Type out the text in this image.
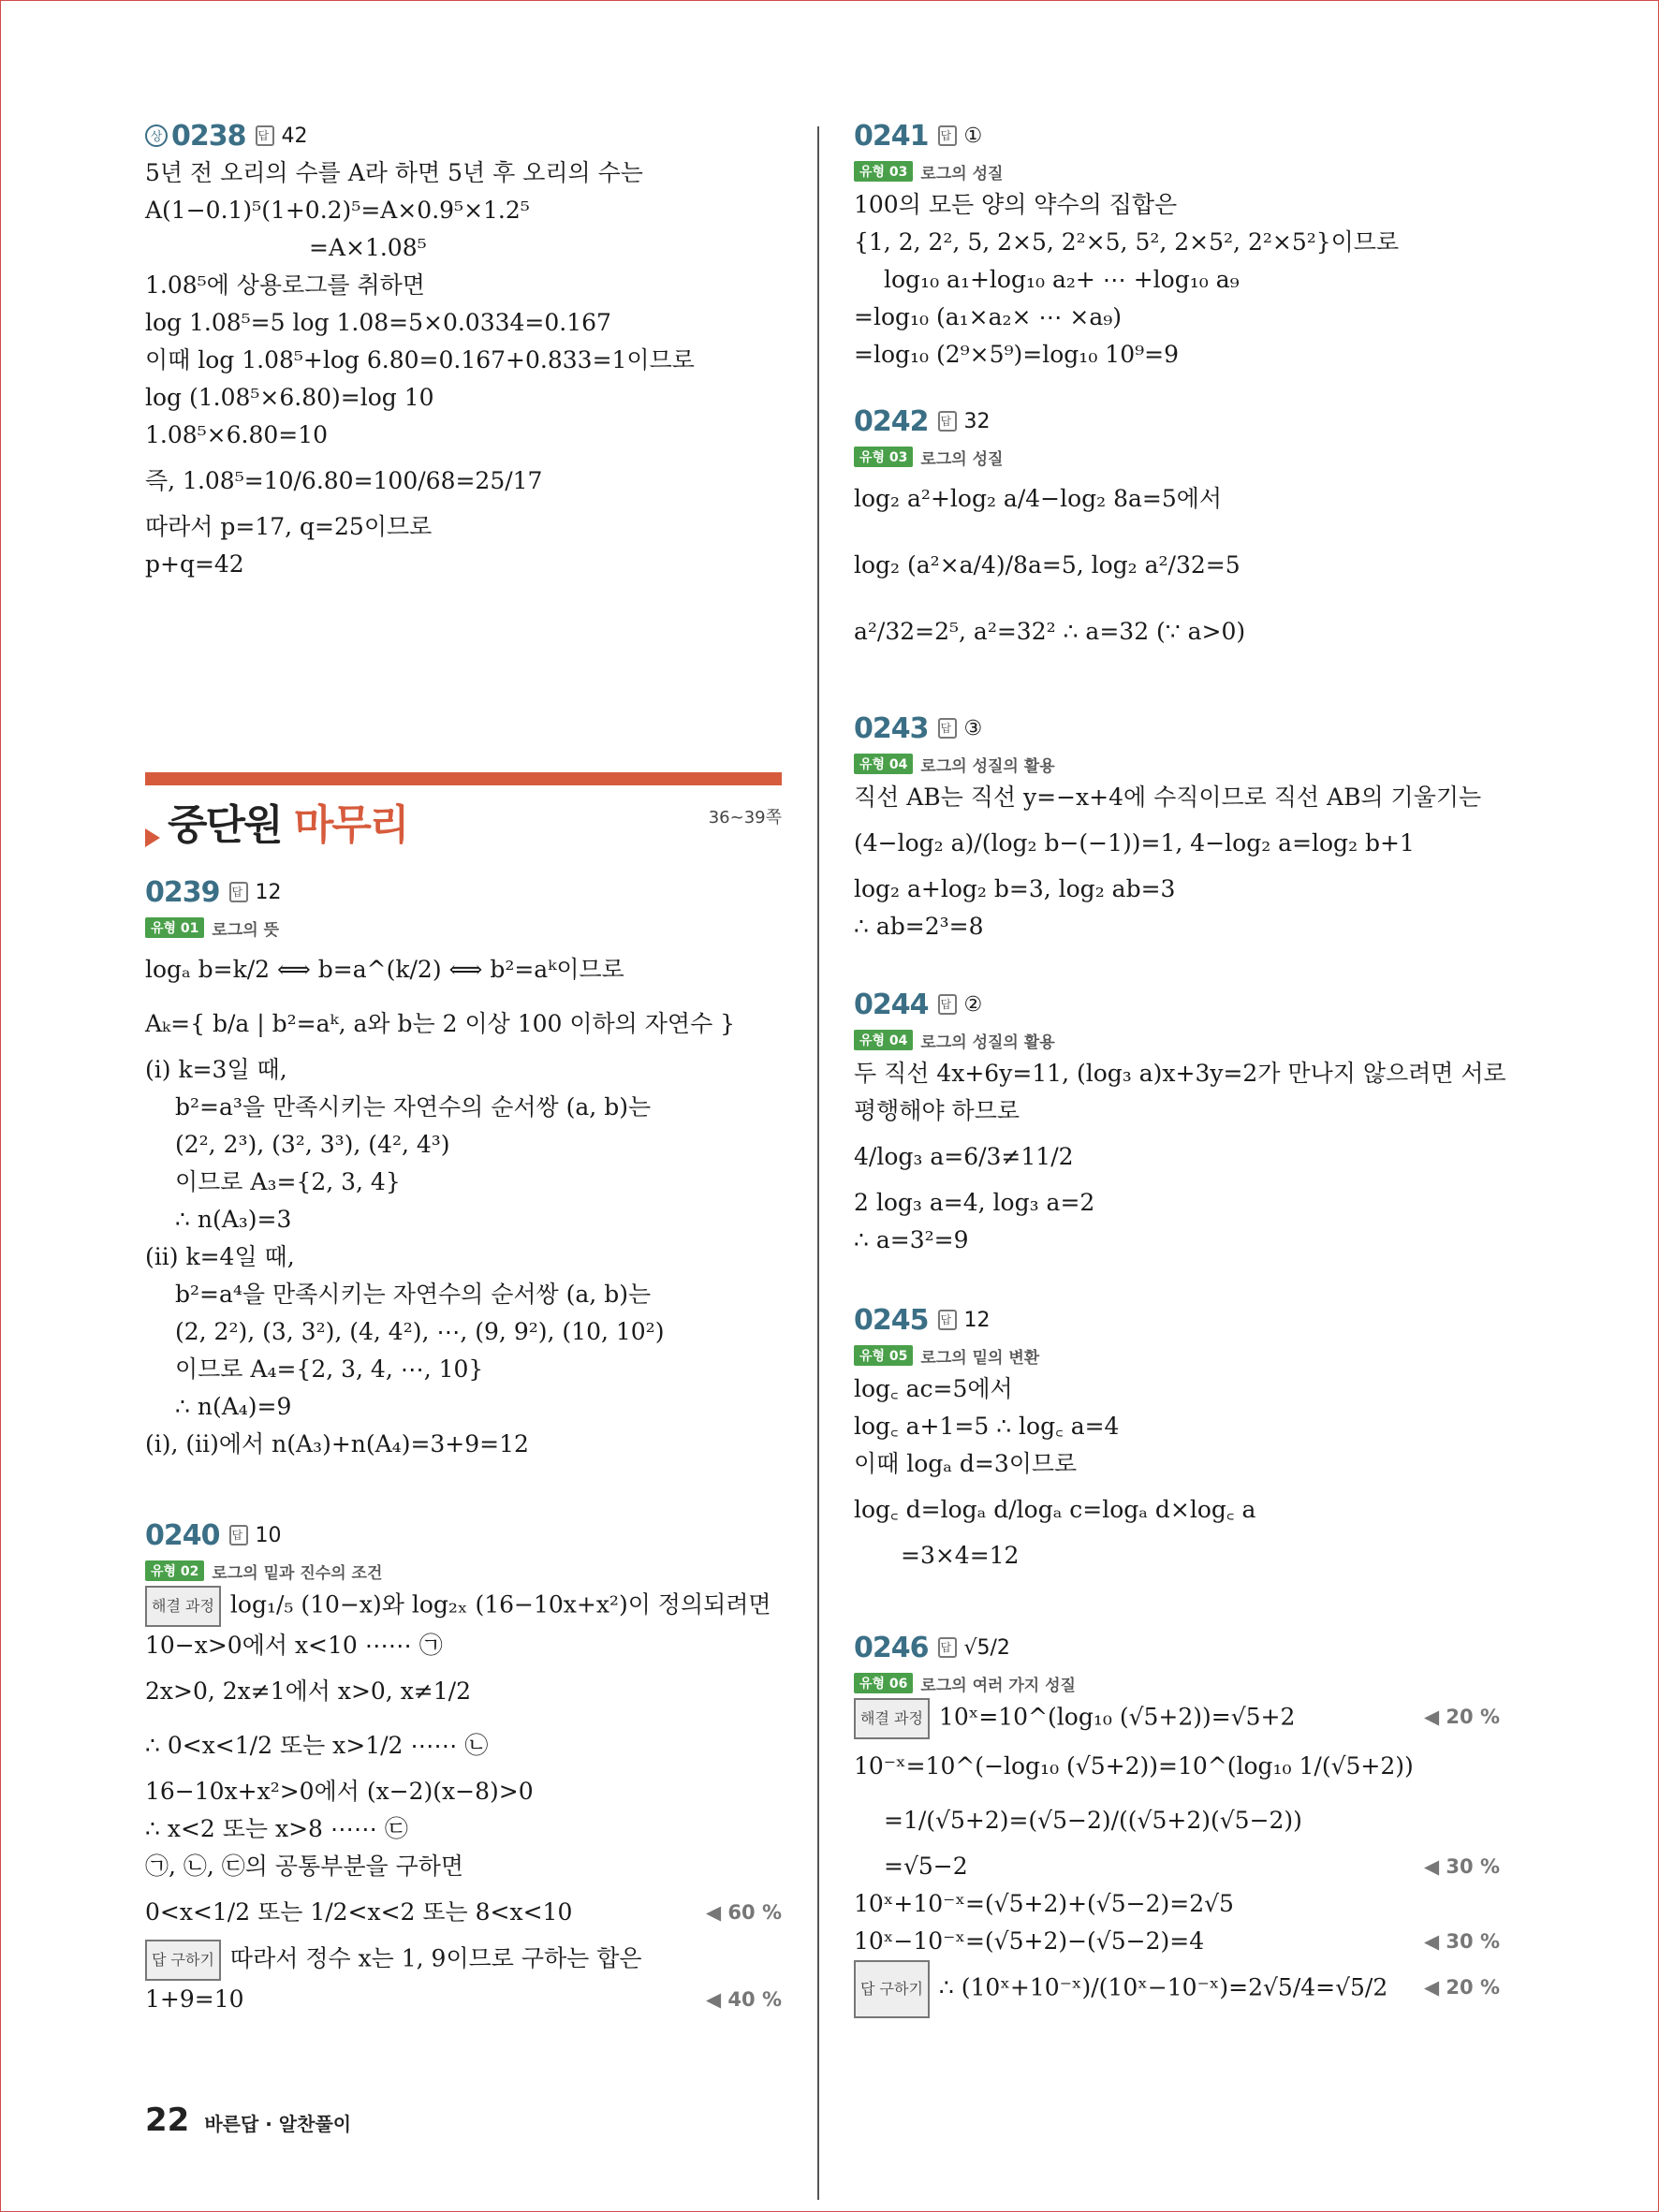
상 0238 답 42
5년 전 오리의 수를 A라 하면 5년 후 오리의 수는
A(1−0.1)⁵(1+0.2)⁵=A×0.9⁵×1.2⁵
=A×1.08⁵
1.08⁵에 상용로그를 취하면
log 1.08⁵=5 log 1.08=5×0.0334=0.167
이때 log 1.08⁵+log 6.80=0.167+0.833=1이므로
log (1.08⁵×6.80)=log 10
1.08⁵×6.80=10
즉, 1.08⁵=10/6.80=100/68=25/17
따라서 p=17, q=25이므로
p+q=42
중단원 마무리	36~39쪽
0239 답 12
유형 01 로그의 뜻
logₐ b=k/2 ⟺ b=a^(k/2) ⟺ b²=aᵏ이므로
Aₖ={ b/a | b²=aᵏ, a와 b는 2 이상 100 이하의 자연수 }
(ⅰ) k=3일 때,
b²=a³을 만족시키는 자연수의 순서쌍 (a, b)는
(2², 2³), (3², 3³), (4², 4³)
이므로 A₃={2, 3, 4}
∴ n(A₃)=3
(ⅱ) k=4일 때,
b²=a⁴을 만족시키는 자연수의 순서쌍 (a, b)는
(2, 2²), (3, 3²), (4, 4²), ⋯, (9, 9²), (10, 10²)
이므로 A₄={2, 3, 4, ⋯, 10}
∴ n(A₄)=9
(ⅰ), (ⅱ)에서 n(A₃)+n(A₄)=3+9=12
0240 답 10
유형 02 로그의 밑과 진수의 조건
해결 과정 log₁/₅ (10−x)와 log₂ₓ (16−10x+x²)이 정의되려면
10−x>0에서 x<10 ⋯⋯ ㉠
2x>0, 2x≠1에서 x>0, x≠1/2
∴ 0<x<1/2 또는 x>1/2 ⋯⋯ ㉡
16−10x+x²>0에서 (x−2)(x−8)>0
∴ x<2 또는 x>8 ⋯⋯ ㉢
㉠, ㉡, ㉢의 공통부분을 구하면
0<x<1/2 또는 1/2<x<2 또는 8<x<10	◀ 60 %
답 구하기 따라서 정수 x는 1, 9이므로 구하는 합은
1+9=10	◀ 40 %
0241 답 ①
유형 03 로그의 성질
100의 모든 양의 약수의 집합은
{1, 2, 2², 5, 2×5, 2²×5, 5², 2×5², 2²×5²}이므로
log₁₀ a₁+log₁₀ a₂+ ⋯ +log₁₀ a₉
=log₁₀ (a₁×a₂× ⋯ ×a₉)
=log₁₀ (2⁹×5⁹)=log₁₀ 10⁹=9
0242 답 32
유형 03 로그의 성질
log₂ a²+log₂ a/4−log₂ 8a=5에서
log₂ (a²×a/4)/8a=5, log₂ a²/32=5
a²/32=2⁵, a²=32² ∴ a=32 (∵ a>0)
0243 답 ③
유형 04 로그의 성질의 활용
직선 AB는 직선 y=−x+4에 수직이므로 직선 AB의 기울기는
(4−log₂ a)/(log₂ b−(−1))=1, 4−log₂ a=log₂ b+1
log₂ a+log₂ b=3, log₂ ab=3
∴ ab=2³=8
0244 답 ②
유형 04 로그의 성질의 활용
두 직선 4x+6y=11, (log₃ a)x+3y=2가 만나지 않으려면 서로
평행해야 하므로
4/log₃ a=6/3≠11/2
2 log₃ a=4, log₃ a=2
∴ a=3²=9
0245 답 12
유형 05 로그의 밑의 변환
log꜀ ac=5에서
log꜀ a+1=5 ∴ log꜀ a=4
이때 logₐ d=3이므로
log꜀ d=logₐ d/logₐ c=logₐ d×log꜀ a
=3×4=12
0246 답 √5/2
유형 06 로그의 여러 가지 성질
해결 과정 10ˣ=10^(log₁₀ (√5+2))=√5+2	◀ 20 %
10⁻ˣ=10^(−log₁₀ (√5+2))=10^(log₁₀ 1/(√5+2))
=1/(√5+2)=(√5−2)/((√5+2)(√5−2))
=√5−2	◀ 30 %
10ˣ+10⁻ˣ=(√5+2)+(√5−2)=2√5
10ˣ−10⁻ˣ=(√5+2)−(√5−2)=4	◀ 30 %
답 구하기 ∴ (10ˣ+10⁻ˣ)/(10ˣ−10⁻ˣ)=2√5/4=√5/2 ◀ 20 %
22 바른답 · 알찬풀이
